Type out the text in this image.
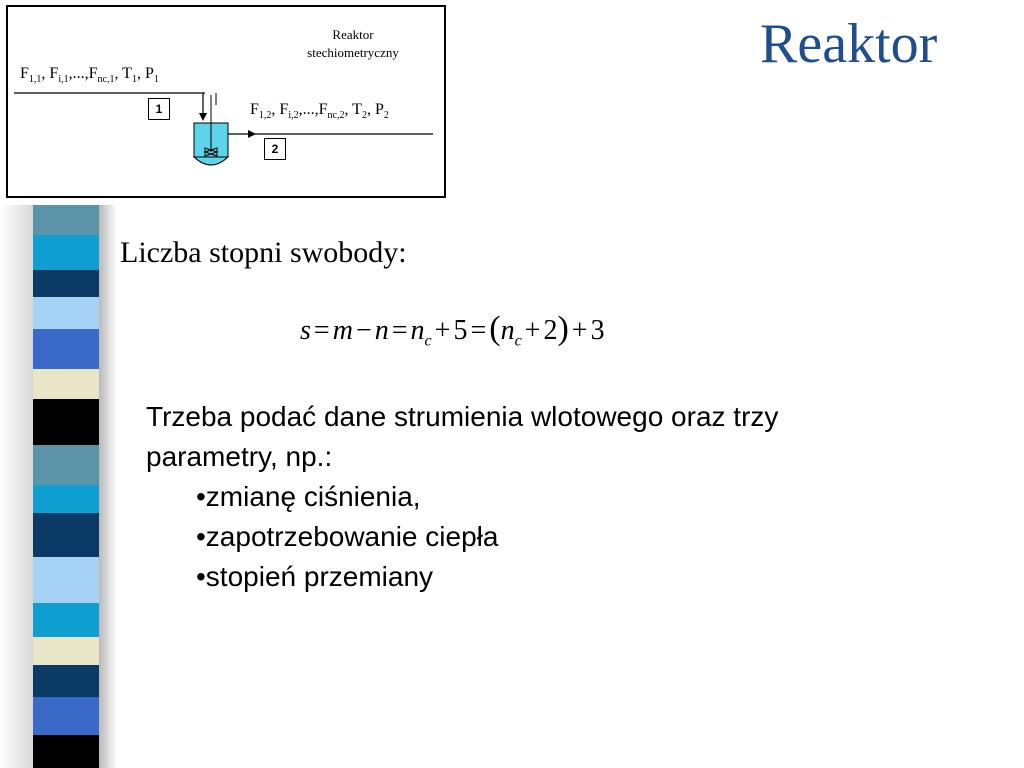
Reaktor
stechiometryczny
$F_{1,1}$, $F_{i,1},...,F_{nc,1}$, $T_1$, $P_1$
$F_{1,2}$, $F_{i,2},...,F_{nc,2}$, $T_2$, $P_2$
1
2
Reaktor
Liczba stopni swobody:
$s = m - n = n_c + 5 =(n_c + 2) + 3$
Trzeba podać dane strumienia wlotowego oraz trzy
parametry, np.:
•zmianę ciśnienia,
•zapotrzebowanie ciepła
•stopień przemiany
